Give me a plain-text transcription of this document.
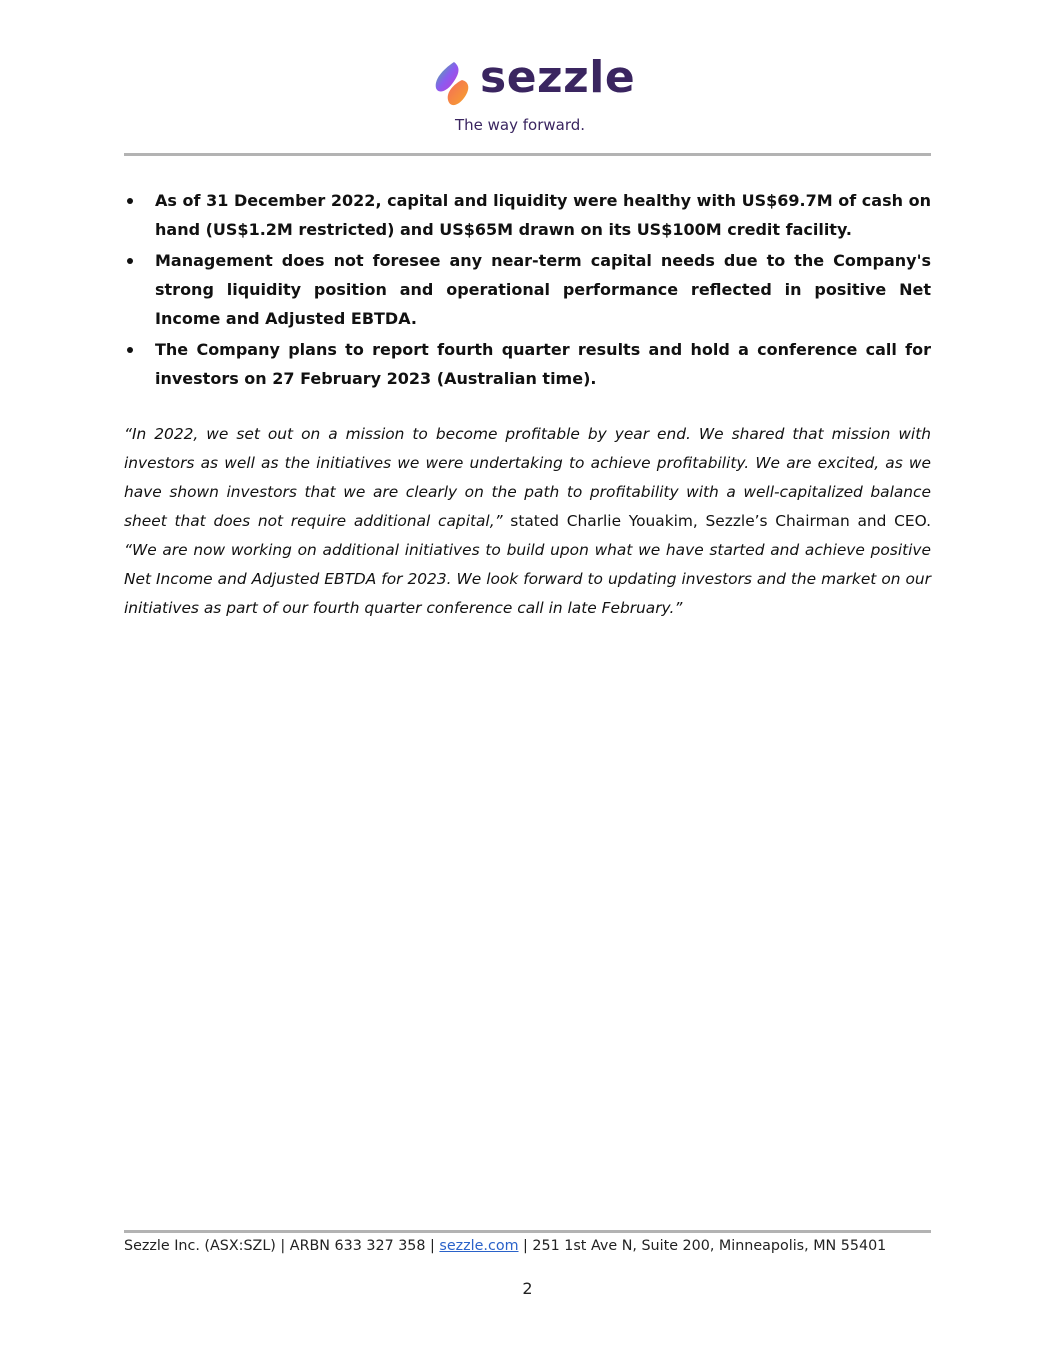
sezzle
The way forward.
As of 31 December 2022, capital and liquidity were healthy with US$69.7M of cash on hand (US$1.2M restricted) and US$65M drawn on its US$100M credit facility.
Management does not foresee any near-term capital needs due to the Company's strong liquidity position and operational performance reflected in positive Net Income and Adjusted EBTDA.
The Company plans to report fourth quarter results and hold a conference call for investors on 27 February 2023 (Australian time).

“In 2022, we set out on a mission to become profitable by year end. We shared that mission with investors as well as the initiatives we were undertaking to achieve profitability. We are excited, as we have shown investors that we are clearly on the path to profitability with a well-capitalized balance sheet that does not require additional capital,” stated Charlie Youakim, Sezzle’s Chairman and CEO. “We are now working on additional initiatives to build upon what we have started and achieve positive Net Income and Adjusted EBTDA for 2023. We look forward to updating investors and the market on our initiatives as part of our fourth quarter conference call in late February.”

Sezzle Inc. (ASX:SZL) | ARBN 633 327 358 | sezzle.com | 251 1st Ave N, Suite 200, Minneapolis, MN 55401
2
